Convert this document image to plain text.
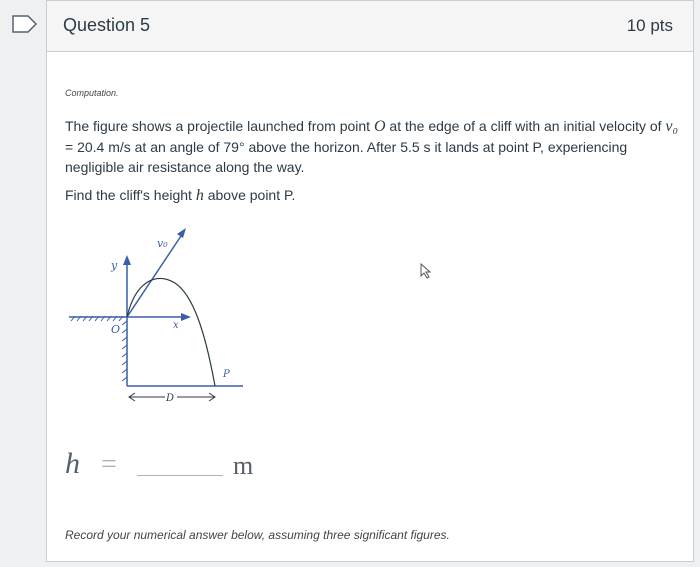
Question 5	10 pts
Computation.
The figure shows a projectile launched from point O at the edge of a cliff with an initial velocity of v₀ = 20.4 m/s at an angle of 79° above the horizon. After 5.5 s it lands at point P, experiencing negligible air resistance along the way.
Find the cliff's height h above point P.
v₀
y
O	x
P
D
h =	m
Record your numerical answer below, assuming three significant figures.
